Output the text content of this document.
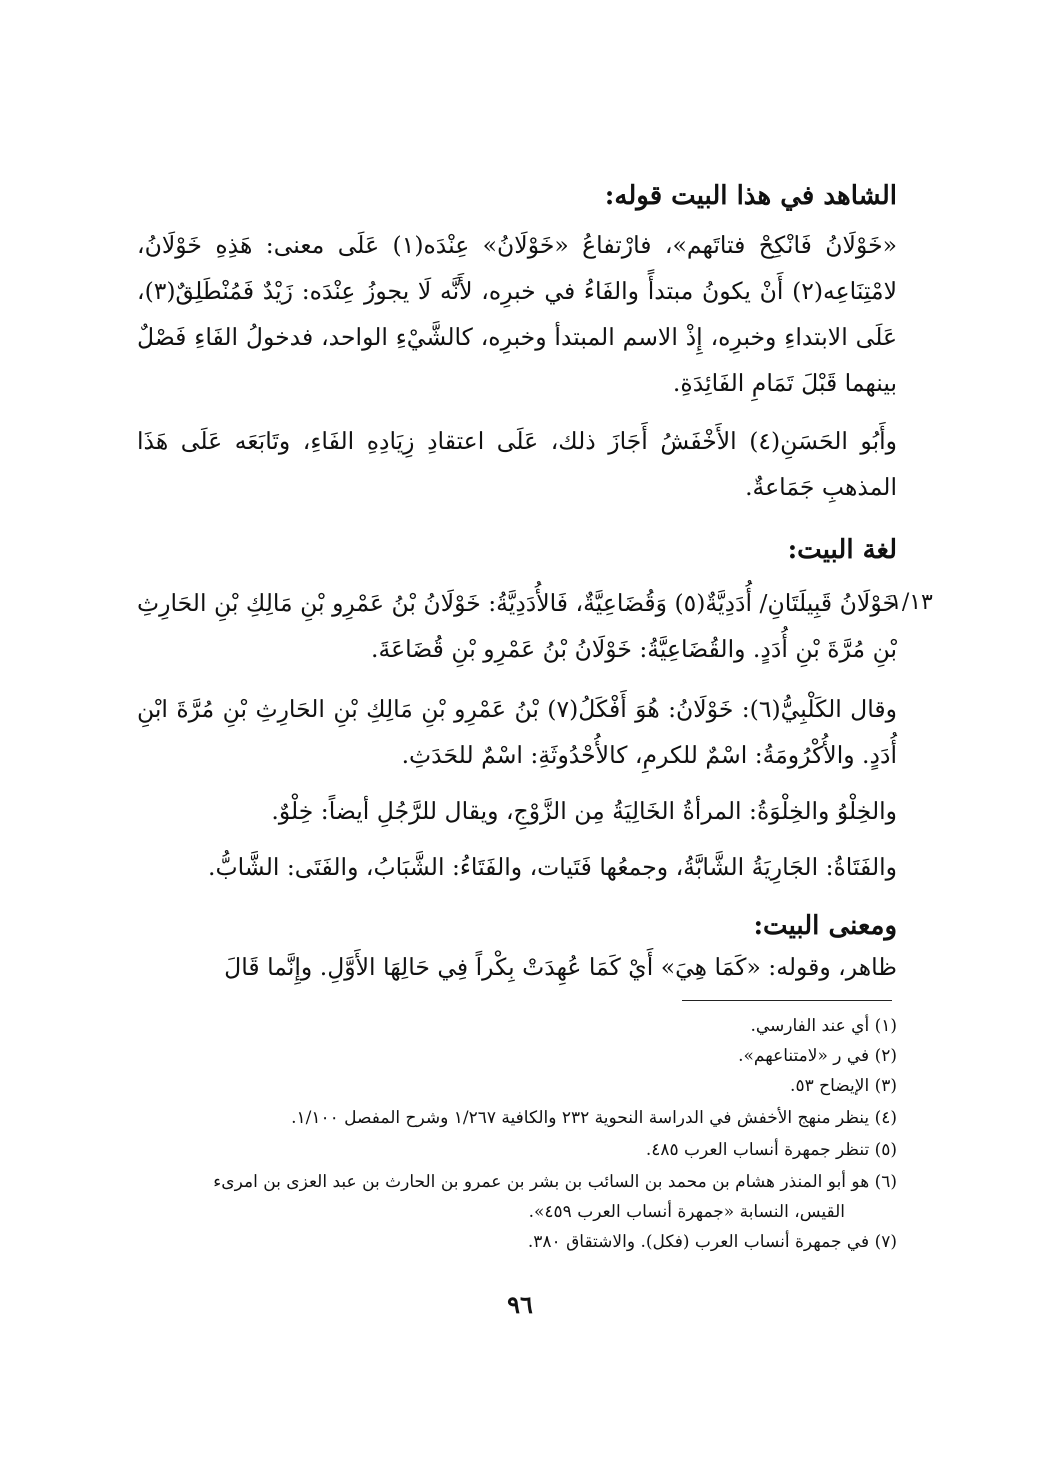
الشاهد في هذا البيت قوله:
«خَوْلَانُ فَانْكِحْ فتاتَهم»، فارْتفاعُ «خَوْلَانُ» عِنْدَه(١) عَلَى معنى: هَذِهِ خَوْلَانُ، لامْتِنَاعِه(٢) أَنْ يكونُ مبتدأً والفَاءُ في خبرِه، لأَنَّه لَا يجوزُ عِنْدَه: زَيْدٌ فَمُنْطَلِقٌ(٣)، عَلَى الابتداءِ وخبرِه، إِذْ الاسم المبتدأ وخبرِه، كالشَّيْءِ الواحد، فدخولُ الفَاءِ فَصْلٌ بينهما قَبْلَ تَمَامِ الفَائِدَةِ.
وأَبُو الحَسَنِ(٤) الأَخْفَشُ أَجَازَ ذلك، عَلَى اعتقادِ زِيَادِهِ الفَاءِ، وتَابَعَه عَلَى هَذَا المذهبِ جَمَاعةٌ.
لغة البيت:
١/١٣
خَوْلَانُ قَبِيلَتَانِ/ أُدَدِيَّةٌ(٥) وَقُضَاعِيَّةٌ، فَالأُدَدِيَّةُ: خَوْلَانُ بْنُ عَمْرِو بْنِ مَالِكِ بْنِ الحَارِثِ بْنِ مُرَّةَ بْنِ أُدَدٍ. والقُضَاعِيَّةُ: خَوْلَانُ بْنُ عَمْرِو بْنِ قُضَاعَةَ.
وقال الكَلْبِيُّ(٦): خَوْلَانُ: هُوَ أَفْكَلُ(٧) بْنُ عَمْرِو بْنِ مَالِكِ بْنِ الحَارِثِ بْنِ مُرَّةَ ابْنِ أُدَدٍ. والأُكْرُومَةُ: اسْمٌ للكرمِ، كالأُحْدُوثَةِ: اسْمٌ للحَدَثِ.
والخِلْوُ والخِلْوَةُ: المرأةُ الخَالِيَةُ مِن الزَّوْجِ، ويقال للرَّجُلِ أيضاً: خِلْوٌ.
والفَتَاةُ: الجَارِيَةُ الشَّابَّةُ، وجمعُها فَتَيات، والفَتَاءُ: الشَّبَابُ، والفَتَى: الشَّابُّ.
ومعنى البيت:
ظاهر، وقوله: «كَمَا هِيَ» أَيْ كَمَا عُهِدَتْ بِكْراً فِي حَالِهَا الأَوَّلِ. وإِنَّما قَالَ
(١) أي عند الفارسي.
(٢) في ر «لامتناعهم».
(٣) الإيضاح ٥٣.
(٤) ينظر منهج الأخفش في الدراسة النحوية ٢٣٢ والكافية ١/٢٦٧ وشرح المفصل ١/١٠٠.
(٥) تنظر جمهرة أنساب العرب ٤٨٥.
(٦) هو أبو المنذر هشام بن محمد بن السائب بن بشر بن عمرو بن الحارث بن عبد العزى بن امرىء
القيس، النسابة «جمهرة أنساب العرب ٤٥٩».
(٧) في جمهرة أنساب العرب (فكل). والاشتقاق ٣٨٠.
٩٦
